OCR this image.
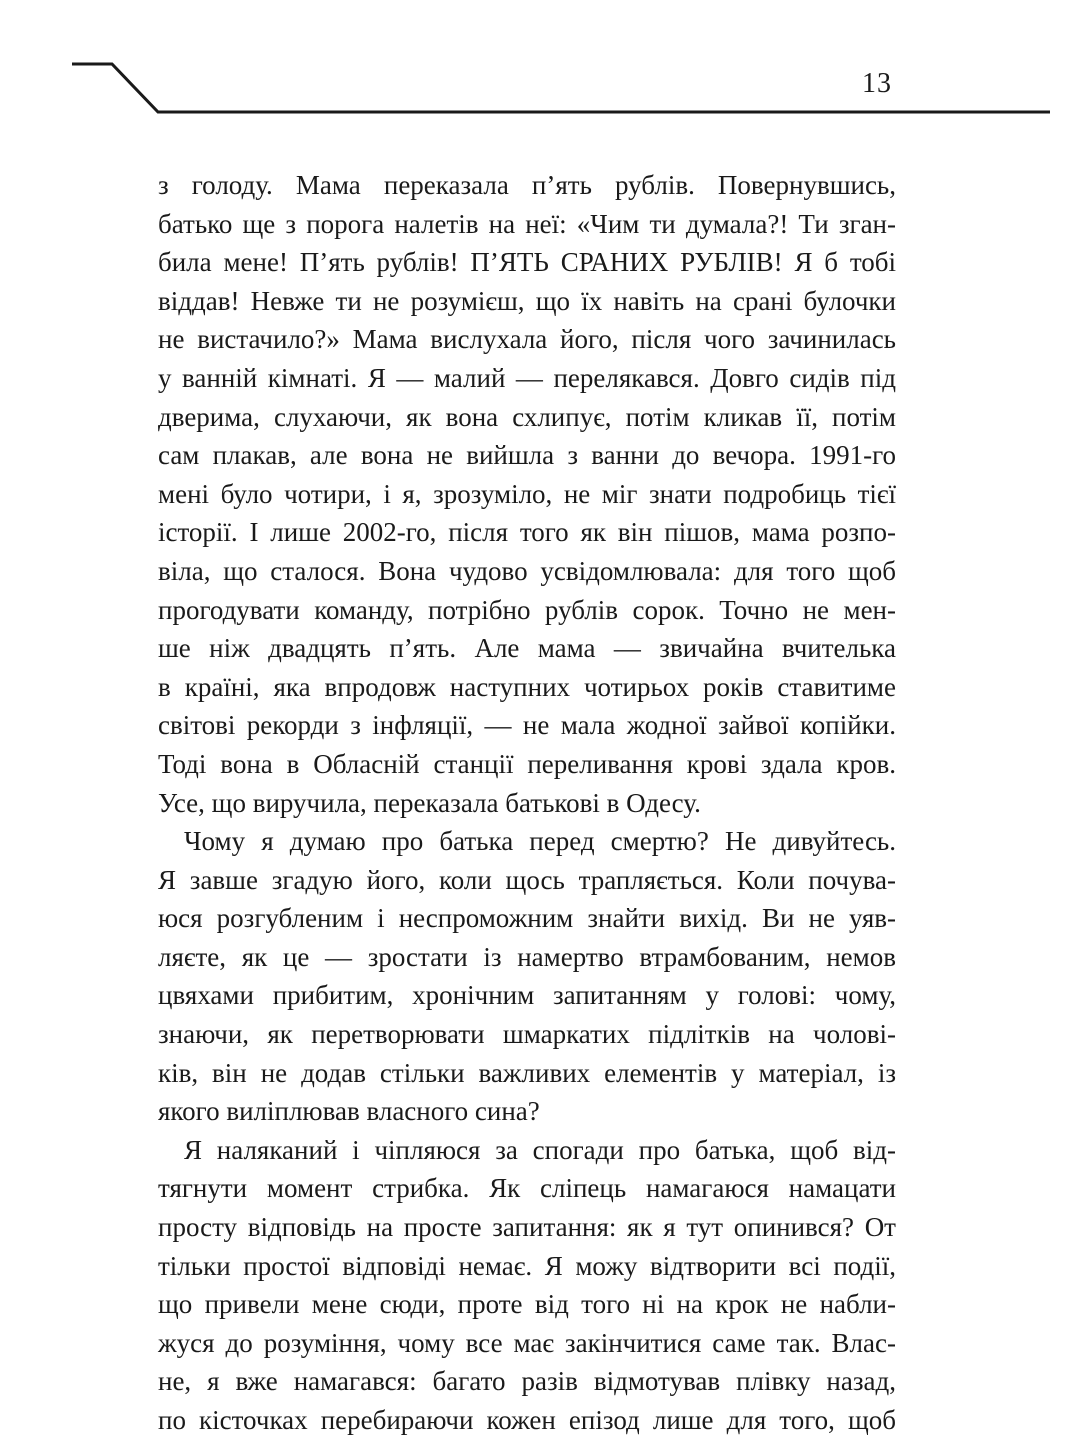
13
з голоду. Мама переказала п’ять рублів. Повернувшись,
батько ще з порога налетів на неї: «Чим ти думала?! Ти зган-
била мене! П’ять рублів! П’ЯТЬ СРАНИХ РУБЛІВ! Я б тобі
віддав! Невже ти не розумієш, що їх навіть на срані булочки
не вистачило?» Мама вислухала його, після чого зачинилась
у ванній кімнаті. Я — малий — перелякався. Довго сидів під
дверима, слухаючи, як вона схлипує, потім кликав її, потім
сам плакав, але вона не вийшла з ванни до вечора. 1991-го
мені було чотири, і я, зрозуміло, не міг знати подробиць тієї
історії. І лише 2002-го, після того як він пішов, мама розпо-
віла, що сталося. Вона чудово усвідомлювала: для того щоб
прогодувати команду, потрібно рублів сорок. Точно не мен-
ше ніж двадцять п’ять. Але мама — звичайна вчителька
в країні, яка впродовж наступних чотирьох років ставитиме
світові рекорди з інфляції, — не мала жодної зайвої копійки.
Тоді вона в Обласній станції переливання крові здала кров.
Усе, що виручила, переказала батькові в Одесу.
Чому я думаю про батька перед смертю? Не дивуйтесь.
Я завше згадую його, коли щось трапляється. Коли почува-
юся розгубленим і неспроможним знайти вихід. Ви не уяв-
ляєте, як це — зростати із намертво втрамбованим, немов
цвяхами прибитим, хронічним запитанням у голові: чому,
знаючи, як перетворювати шмаркатих підлітків на чолові-
ків, він не додав стільки важливих елементів у матеріал, із
якого виліплював власного сина?
Я наляканий і чіпляюся за спогади про батька, щоб від-
тягнути момент стрибка. Як сліпець намагаюся намацати
просту відповідь на просте запитання: як я тут опинився? От
тільки простої відповіді немає. Я можу відтворити всі події,
що привели мене сюди, проте від того ні на крок не набли-
жуся до розуміння, чому все має закінчитися саме так. Влас-
не, я вже намагався: багато разів відмотував плівку назад,
по кісточках перебираючи кожен епізод лише для того, щоб
